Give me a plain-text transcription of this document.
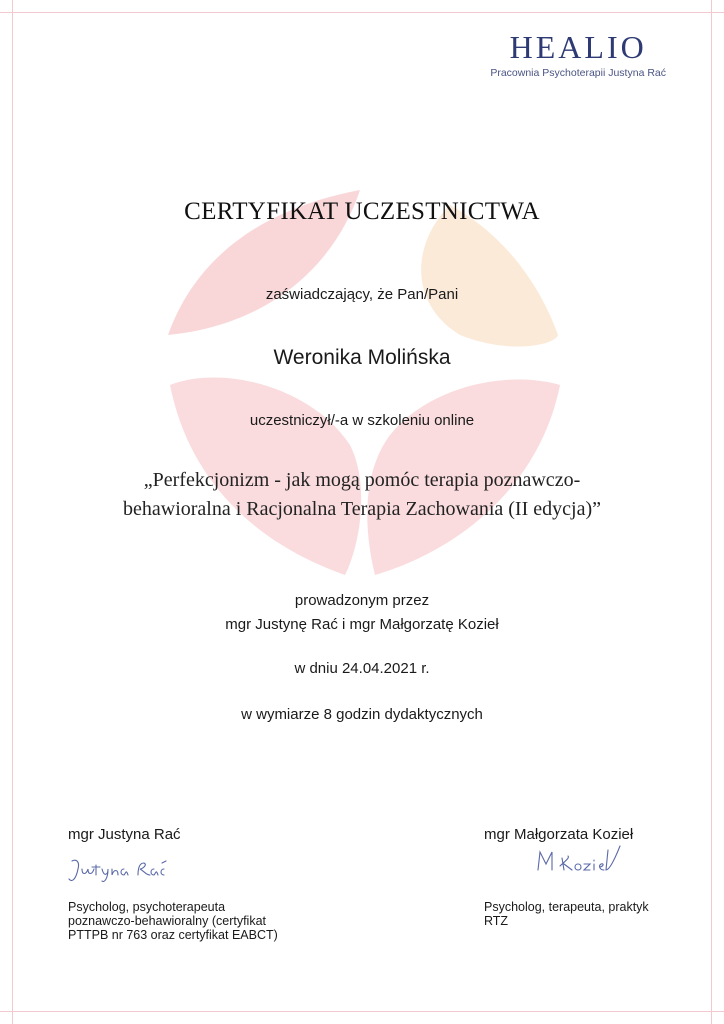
HEALIO
Pracownia Psychoterapii Justyna Rać
CERTYFIKAT UCZESTNICTWA
zaświadczający, że Pan/Pani
Weronika Molińska
uczestniczył/-a w szkoleniu online
„Perfekcjonizm - jak mogą pomóc terapia poznawczo-
behawioralna i Racjonalna Terapia Zachowania (II edycja)”
prowadzonym przez
mgr Justynę Rać i mgr Małgorzatę Kozieł
w dniu 24.04.2021 r.
w wymiarze 8 godzin dydaktycznych
mgr Justyna Rać
Psycholog, psychoterapeuta
poznawczo-behawioralny (certyfikat
PTTPB nr 763 oraz certyfikat EABCT)
mgr Małgorzata Kozieł
Psycholog, terapeuta, praktyk
RTZ
